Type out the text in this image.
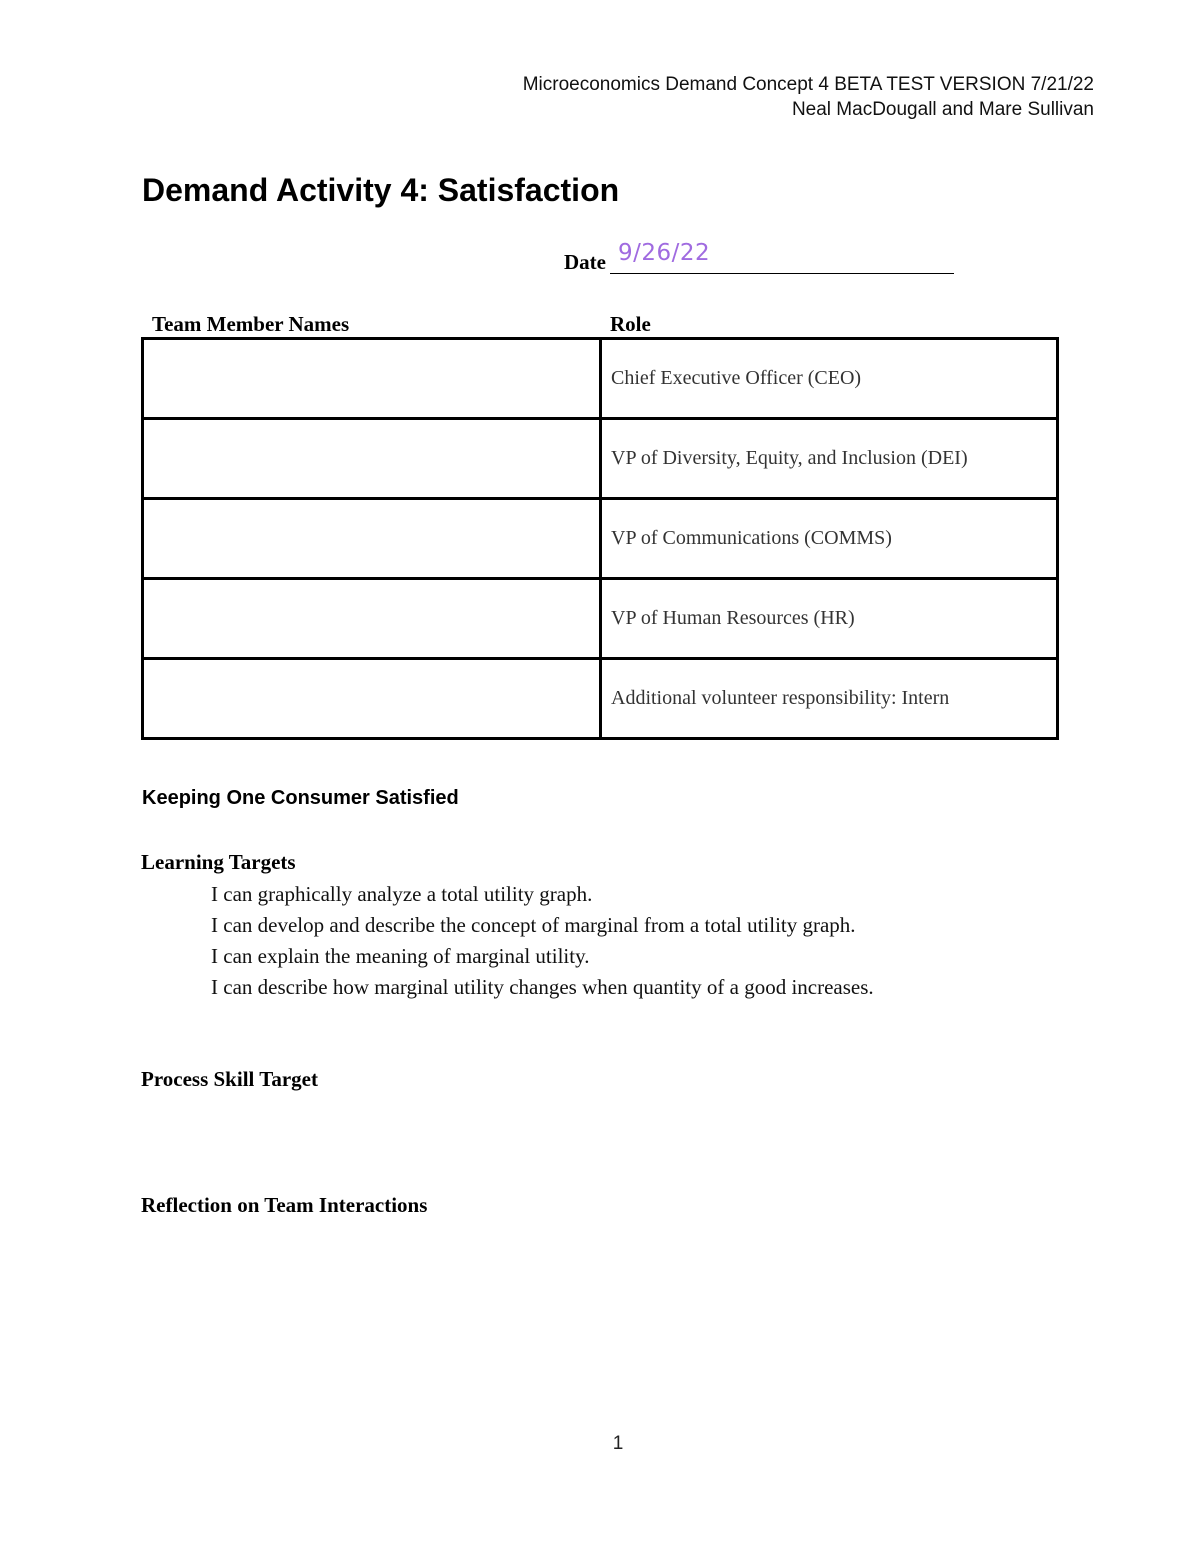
Microeconomics Demand Concept 4 BETA TEST VERSION 7/21/22
Neal MacDougall and Mare Sullivan
Demand Activity 4: Satisfaction
Date 9/26/22
Team Member Names	Role
	Chief Executive Officer (CEO)
	VP of Diversity, Equity, and Inclusion (DEI)
	VP of Communications (COMMS)
	VP of Human Resources (HR)
	Additional volunteer responsibility: Intern
Keeping One Consumer Satisfied
Learning Targets
I can graphically analyze a total utility graph.
I can develop and describe the concept of marginal from a total utility graph.
I can explain the meaning of marginal utility.
I can describe how marginal utility changes when quantity of a good increases.
Process Skill Target
Reflection on Team Interactions
1
